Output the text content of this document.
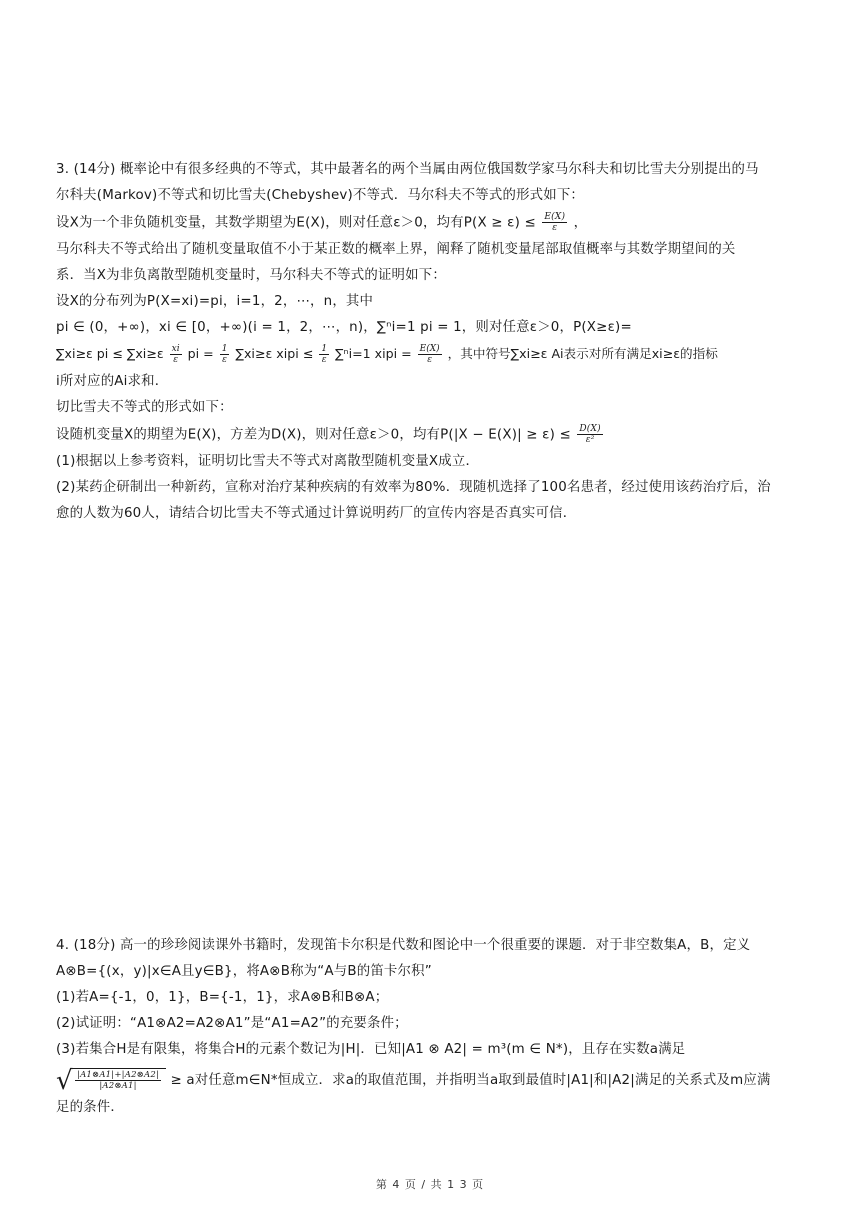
3. (14分) 概率论中有很多经典的不等式，其中最著名的两个当属由两位俄国数学家马尔科夫和切比雪夫分别提出的马
尔科夫(Markov)不等式和切比雪夫(Chebyshev)不等式．马尔科夫不等式的形式如下：
设X为一个非负随机变量，其数学期望为E(X)，则对任意ε＞0，均有$P(X \ge \varepsilon) \le \frac{E(X)}{\varepsilon}$ ，
马尔科夫不等式给出了随机变量取值不小于某正数的概率上界，阐释了随机变量尾部取值概率与其数学期望间的关
系．当X为非负离散型随机变量时，马尔科夫不等式的证明如下：
设X的分布列为P(X=xi)=pi，i=1，2，⋯，n，其中
pi ∈ (0，+∞)，xi ∈ [0，+∞)(i = 1，2，⋯，n)，∑ⁿi=1 pi = 1，则对任意ε＞0，P(X≥ε)=
∑xi≥ε pi ≤ $\sum xi\ge\varepsilon \frac{xi}{\varepsilon}$ pi = $\frac{1}{\varepsilon} \sum xi\ge\varepsilon$ xipi ≤ $\frac{1}{\varepsilon} \sum^ni=1$ xipi = $\frac{E(X)}{\varepsilon}$ ，其中符号∑xi≥ε Ai表示对所有满足xi≥ε的指标
i所对应的Ai求和．
切比雪夫不等式的形式如下：
设随机变量X的期望为E(X)，方差为D(X)，则对任意ε＞0，均有$P(|X - E(X)| \ge \varepsilon) \le \frac{D(X)}{\text{ε²}}$
(1)根据以上参考资料，证明切比雪夫不等式对离散型随机变量X成立．
(2)某药企研制出一种新药，宣称对治疗某种疾病的有效率为80%．现随机选择了100名患者，经过使用该药治疗后，治
愈的人数为60人，请结合切比雪夫不等式通过计算说明药厂的宣传内容是否真实可信．
4. (18分) 高一的珍珍阅读课外书籍时，发现笛卡尔积是代数和图论中一个很重要的课题．对于非空数集A，B，定义
A⊗B={(x，y)|x∈A且y∈B}，将A⊗B称为“A与B的笛卡尔积”
(1)若A={-1，0，1}，B={-1，1}，求A⊗B和B⊗A；
(2)试证明：“A1⊗A2=A2⊗A1”是“A1=A2”的充要条件；
(3)若集合H是有限集，将集合H的元素个数记为|H|．已知|A1 ⊗ A2| = m³(m ∈ N*)，且存在实数a满足
√ $\frac{|A1\otimes A1|+|A2\otimes A2|}{|A2\otimes A1|} \ge a$对任意m∈N*恒成立．求a的取值范围，并指明当a取到最值时|A1|和|A2|满足的关系式及m应满
足的条件．
第 4 页 / 共 1 3 页
